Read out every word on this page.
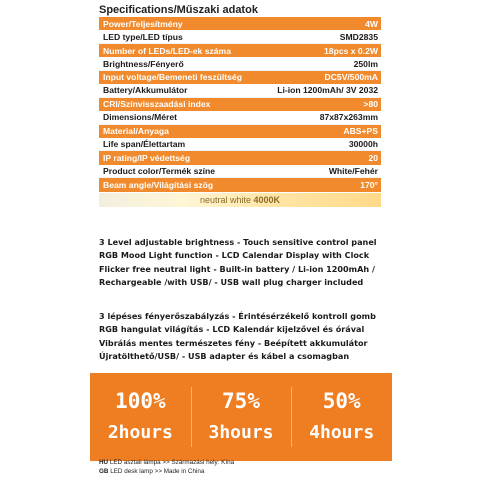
Specifications/Műszaki adatok
Power/Teljesítmény	4W
LED type/LED típus	SMD2835
Number of LEDs/LED-ek száma	18pcs x 0.2W
Brightness/Fényerő	250lm
Input voltage/Bemeneti feszültség	DC5V/500mA
Battery/Akkumulátor	Li-ion 1200mAh/ 3V 2032
CRI/Színvisszaadási index	>80
Dimensions/Méret	87x87x263mm
Material/Anyaga	ABS+PS
Life span/Élettartam	30000h
IP rating/IP védettség	20
Product color/Termék színe	White/Fehér
Beam angle/Világítási szög	170°
neutral white 4000K
3 Level adjustable brightness - Touch sensitive control panel
RGB Mood Light function - LCD Calendar Display with Clock
Flicker free neutral light - Built-in battery / Li-ion 1200mAh /
Rechargeable /with USB/ - USB wall plug charger included
3 lépéses fényerőszabályzás - Érintésérzékelő kontroll gomb
RGB hangulat világítás - LCD Kalendár kijelzővel és órával
Vibrálás mentes természetes fény - Beépített akkumulátor
Újratölthető/USB/ - USB adapter és kábel a csomagban
100%
2hours
75%
3hours
50%
4hours
HU LED asztali lámpa >> Származási hely: Kína
GB LED desk lamp >> Made in China
